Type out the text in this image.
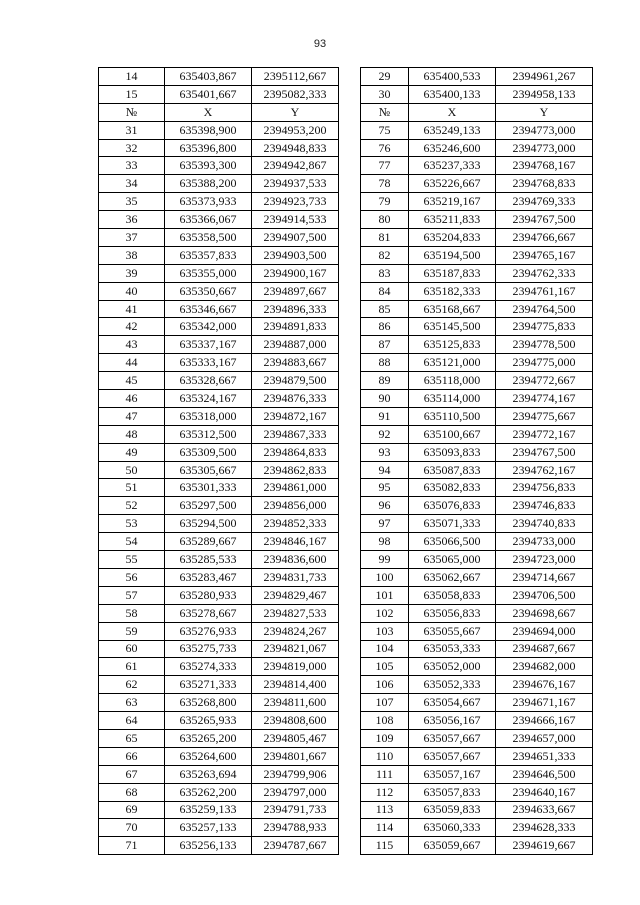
93
14	635403,867	2395112,667
15	635401,667	2395082,333
№	X	Y
31	635398,900	2394953,200
32	635396,800	2394948,833
33	635393,300	2394942,867
34	635388,200	2394937,533
35	635373,933	2394923,733
36	635366,067	2394914,533
37	635358,500	2394907,500
38	635357,833	2394903,500
39	635355,000	2394900,167
40	635350,667	2394897,667
41	635346,667	2394896,333
42	635342,000	2394891,833
43	635337,167	2394887,000
44	635333,167	2394883,667
45	635328,667	2394879,500
46	635324,167	2394876,333
47	635318,000	2394872,167
48	635312,500	2394867,333
49	635309,500	2394864,833
50	635305,667	2394862,833
51	635301,333	2394861,000
52	635297,500	2394856,000
53	635294,500	2394852,333
54	635289,667	2394846,167
55	635285,533	2394836,600
56	635283,467	2394831,733
57	635280,933	2394829,467
58	635278,667	2394827,533
59	635276,933	2394824,267
60	635275,733	2394821,067
61	635274,333	2394819,000
62	635271,333	2394814,400
63	635268,800	2394811,600
64	635265,933	2394808,600
65	635265,200	2394805,467
66	635264,600	2394801,667
67	635263,694	2394799,906
68	635262,200	2394797,000
69	635259,133	2394791,733
70	635257,133	2394788,933
71	635256,133	2394787,667
29	635400,533	2394961,267
30	635400,133	2394958,133
№	X	Y
75	635249,133	2394773,000
76	635246,600	2394773,000
77	635237,333	2394768,167
78	635226,667	2394768,833
79	635219,167	2394769,333
80	635211,833	2394767,500
81	635204,833	2394766,667
82	635194,500	2394765,167
83	635187,833	2394762,333
84	635182,333	2394761,167
85	635168,667	2394764,500
86	635145,500	2394775,833
87	635125,833	2394778,500
88	635121,000	2394775,000
89	635118,000	2394772,667
90	635114,000	2394774,167
91	635110,500	2394775,667
92	635100,667	2394772,167
93	635093,833	2394767,500
94	635087,833	2394762,167
95	635082,833	2394756,833
96	635076,833	2394746,833
97	635071,333	2394740,833
98	635066,500	2394733,000
99	635065,000	2394723,000
100	635062,667	2394714,667
101	635058,833	2394706,500
102	635056,833	2394698,667
103	635055,667	2394694,000
104	635053,333	2394687,667
105	635052,000	2394682,000
106	635052,333	2394676,167
107	635054,667	2394671,167
108	635056,167	2394666,167
109	635057,667	2394657,000
110	635057,667	2394651,333
111	635057,167	2394646,500
112	635057,833	2394640,167
113	635059,833	2394633,667
114	635060,333	2394628,333
115	635059,667	2394619,667
